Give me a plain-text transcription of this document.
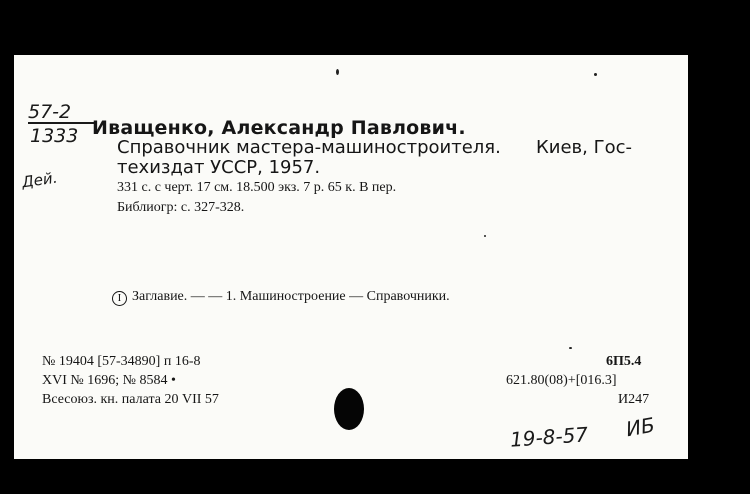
57-2
1333 Иващенко, Александр Павлович.
Справочник мастера-машиностроителя. Киев, Гос-
техиздат УССР, 1957.
331 с. с черт. 17 см. 18.500 экз. 7 р. 65 к. В пер.
Библиогр: с. 327-328.
Дей.
I Заглавие. — — 1. Машиностроение — Справочники.
№ 19404 [57-34890] п 16-8
XVI № 1696; № 8584 •
Всесоюз. кн. палата 20 VII 57
6П5.4
621.80(08)+[016.3]
И247
19-8-57 ИБ
